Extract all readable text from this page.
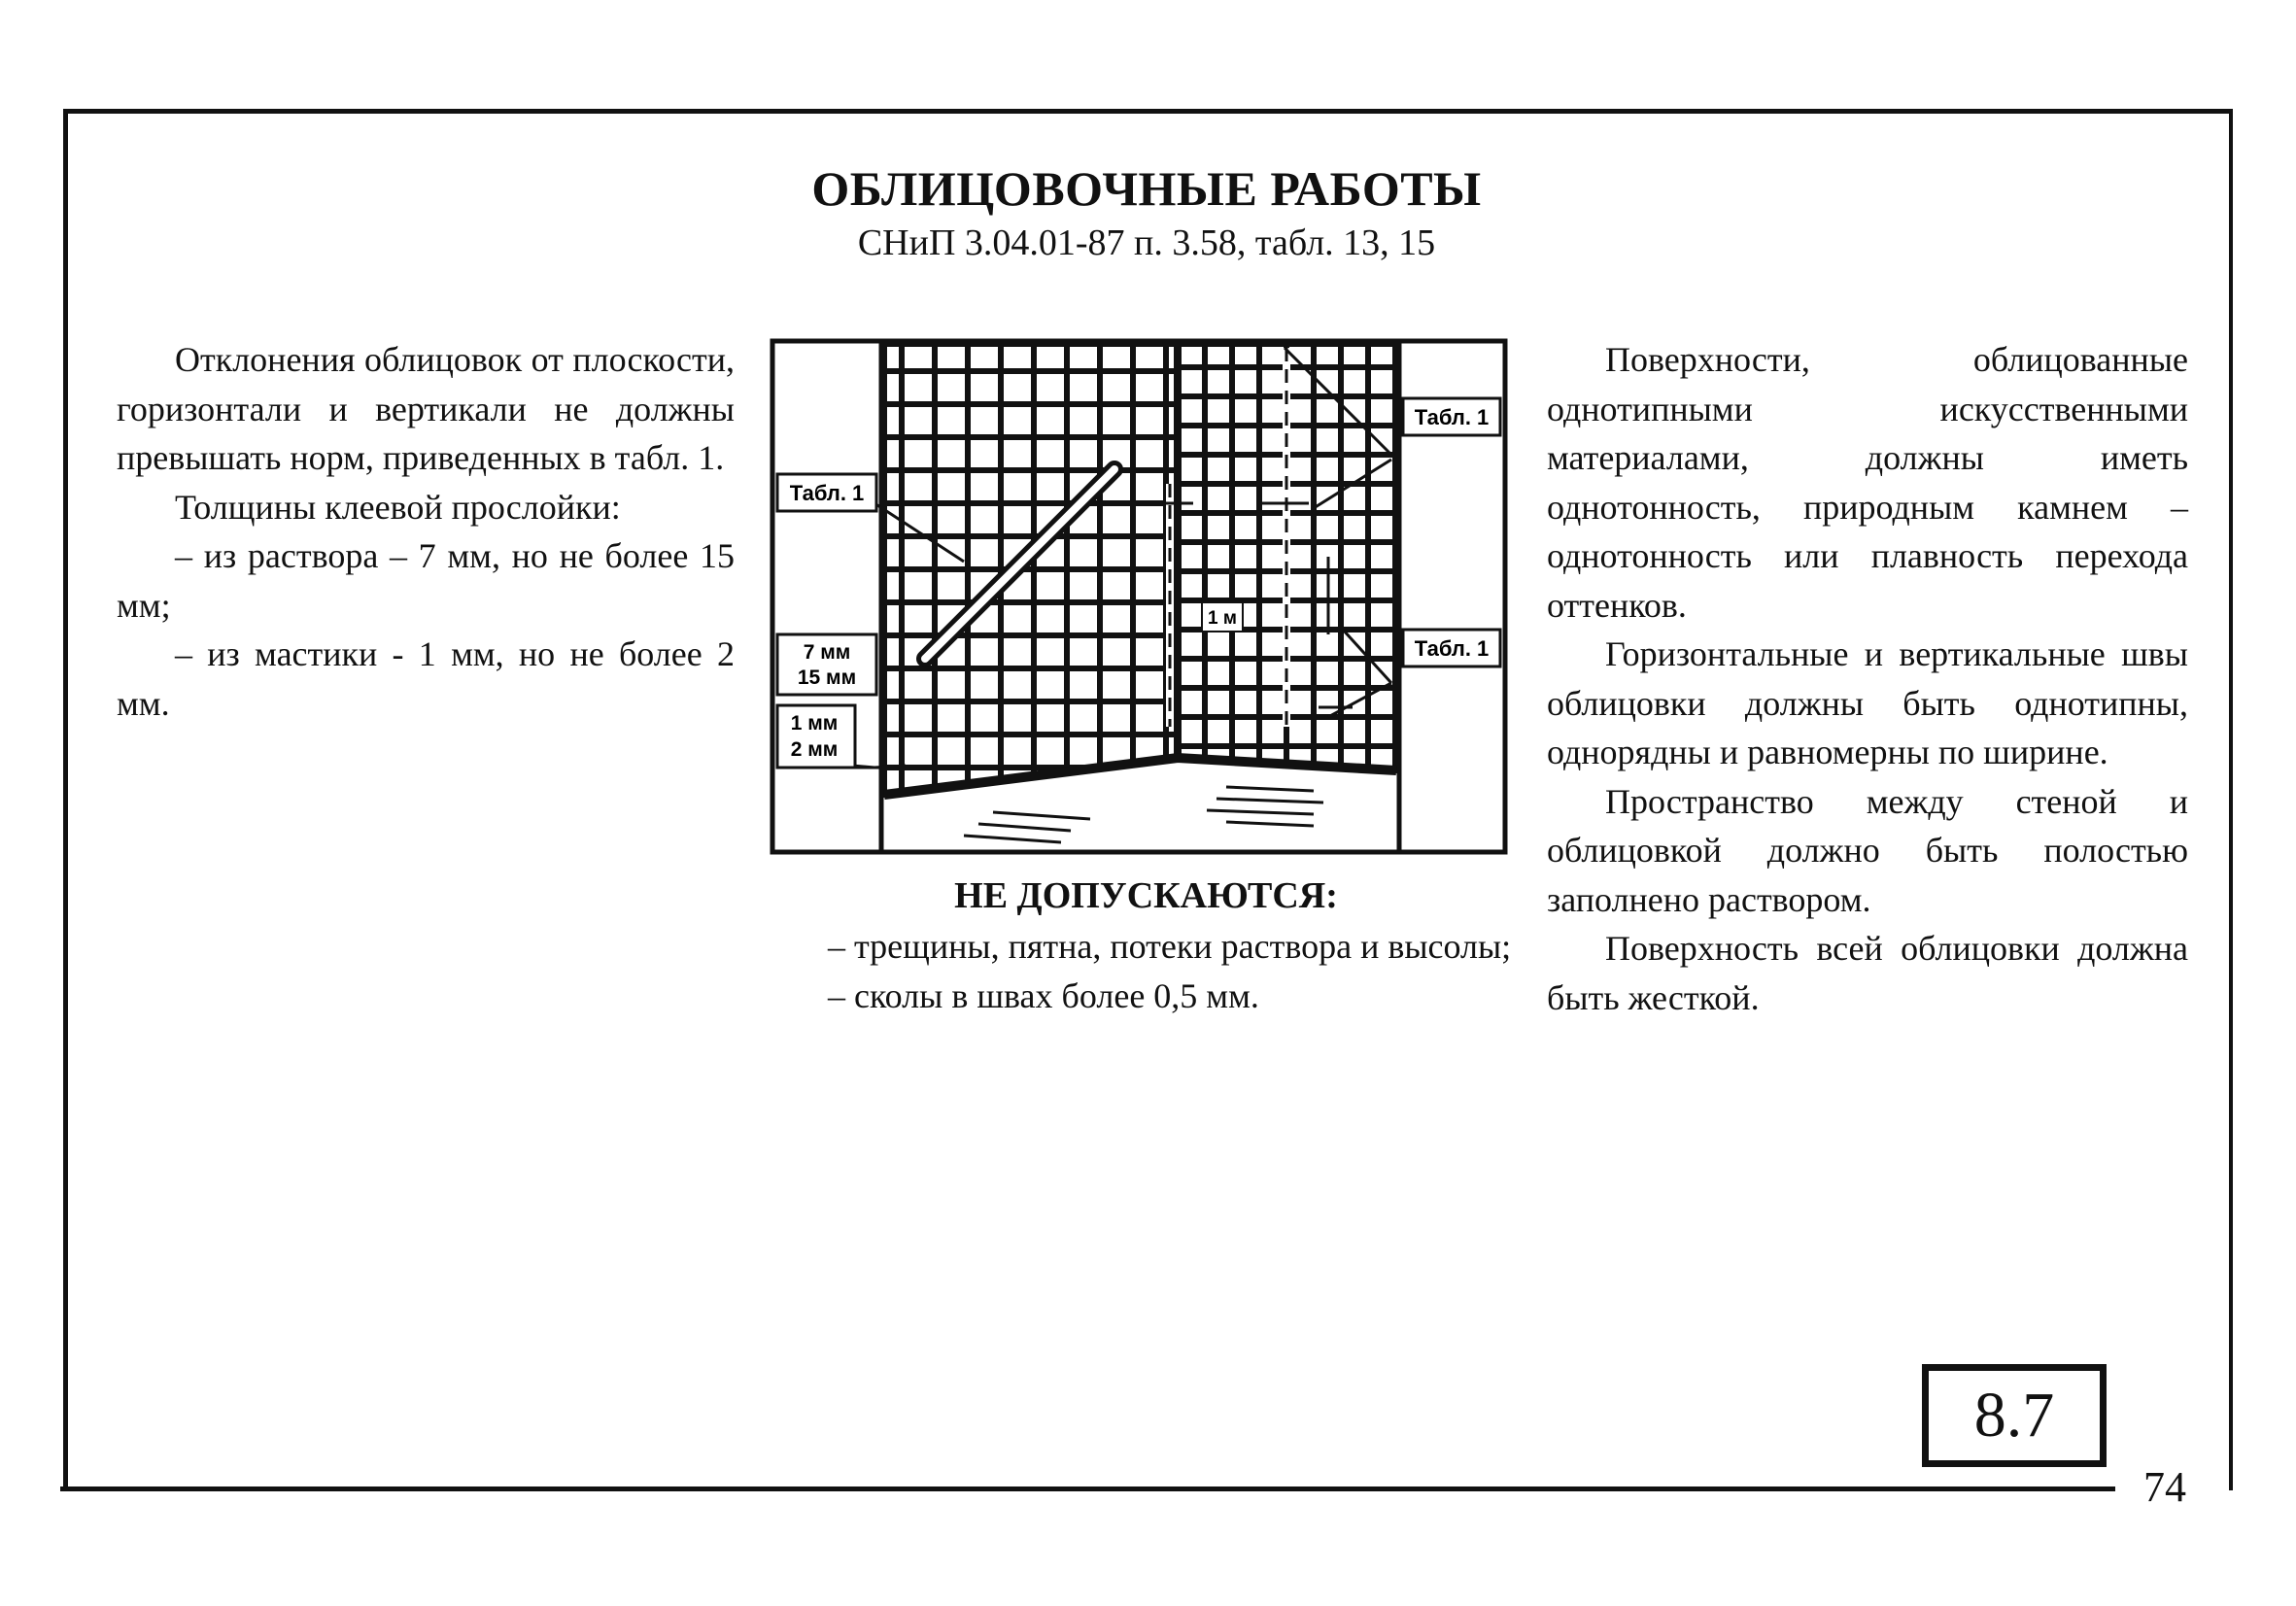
ОБЛИЦОВОЧНЫЕ РАБОТЫ
СНиП 3.04.01-87 п. 3.58, табл. 13, 15

Отклонения облицовок от плоскости, горизонтали и вертикали не должны превышать норм, приведенных в табл. 1.

Толщины клеевой прослойки:

– из раствора – 7 мм, но не более 15 мм;

– из мастики - 1 мм, но не более 2 мм.

Табл. 1
Табл. 1
Табл. 1
7 мм
15 мм
1 мм
2 мм
1 м
НЕ ДОПУСКАЮТСЯ:

– трещины, пятна, потеки раствора и высолы;

– сколы в швах более 0,5 мм.

Поверхности, облицованные однотипными искусственными материалами, должны иметь однотонность, природным камнем – однотонность или плавность перехода оттенков.

Горизонтальные и вертикальные швы облицовки должны быть однотипны, однорядны и равномерны по ширине.

Пространство между стеной и облицовкой должно быть полостью заполнено раствором.

Поверхность всей облицовки должна быть жесткой.

8.7
74
